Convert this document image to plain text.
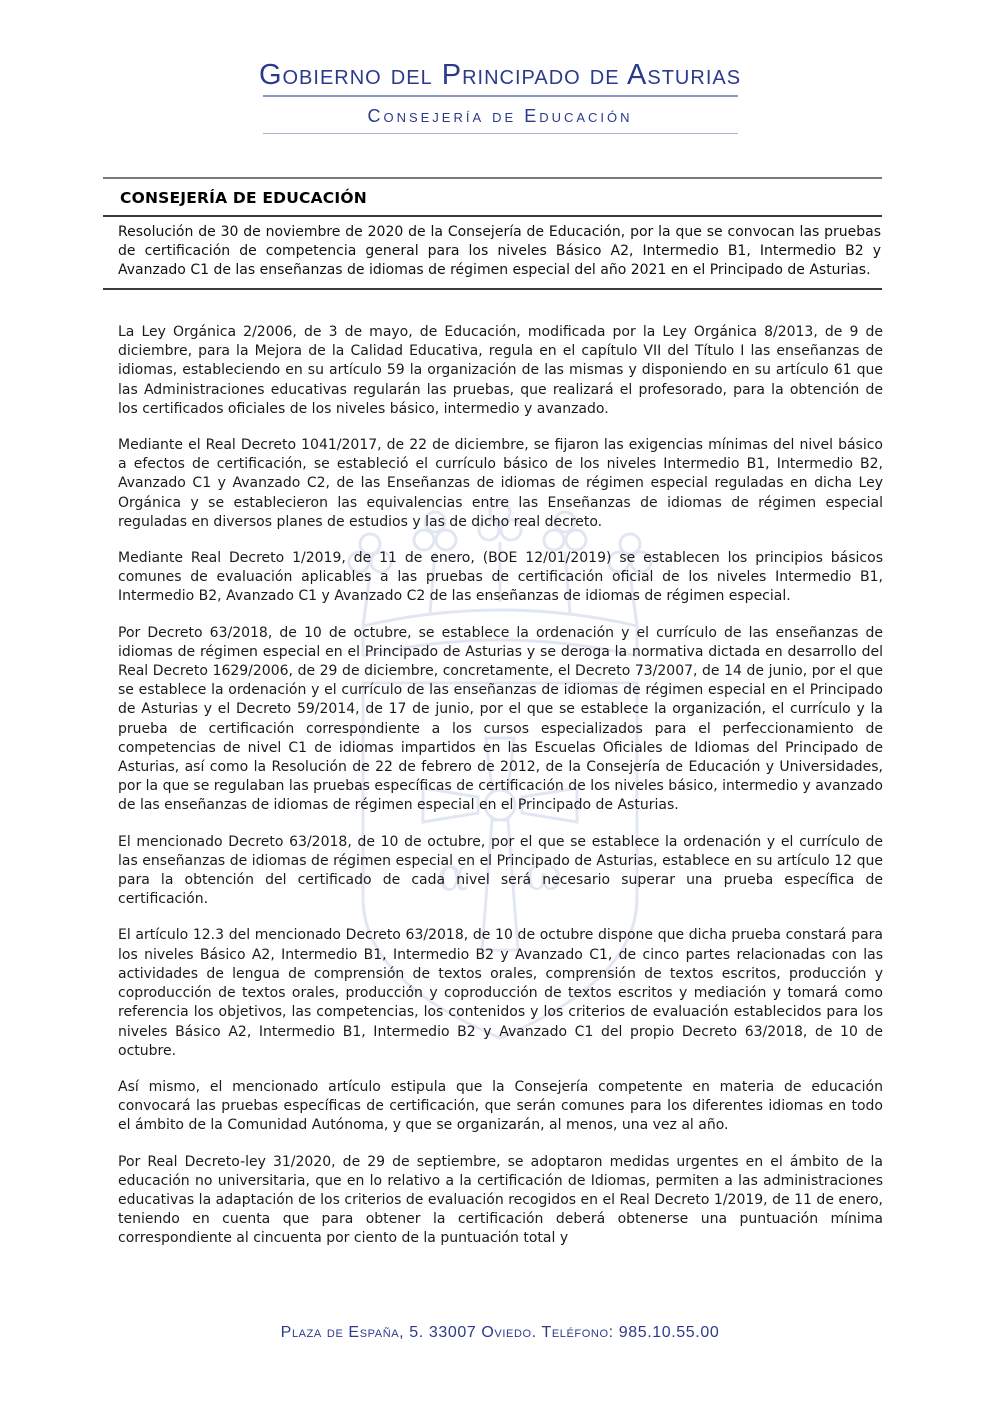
α ω
Gobierno del Principado de Asturias
Consejería de Educación
CONSEJERÍA DE EDUCACIÓN
Resolución de 30 de noviembre de 2020 de la Consejería de Educación, por la que se convocan las pruebas de certificación de competencia general para los niveles Básico A2, Intermedio B1, Intermedio B2 y Avanzado C1 de las enseñanzas de idiomas de régimen especial del año 2021 en el Principado de Asturias.

La Ley Orgánica 2/2006, de 3 de mayo, de Educación, modificada por la Ley Orgánica 8/2013, de 9 de diciembre, para la Mejora de la Calidad Educativa, regula en el capítulo VII del Título I las enseñanzas de idiomas, estableciendo en su artículo 59 la organización de las mismas y disponiendo en su artículo 61 que las Administraciones educativas regularán las pruebas, que realizará el profesorado, para la obtención de los certificados oficiales de los niveles básico, intermedio y avanzado.

Mediante el Real Decreto 1041/2017, de 22 de diciembre, se fijaron las exigencias mínimas del nivel básico a efectos de certificación, se estableció el currículo básico de los niveles Intermedio B1, Intermedio B2, Avanzado C1 y Avanzado C2, de las Enseñanzas de idiomas de régimen especial reguladas en dicha Ley Orgánica y se establecieron las equivalencias entre las Enseñanzas de idiomas de régimen especial reguladas en diversos planes de estudios y las de dicho real decreto.

Mediante Real Decreto 1/2019, de 11 de enero, (BOE 12/01/2019) se establecen los principios básicos comunes de evaluación aplicables a las pruebas de certificación oficial de los niveles Intermedio B1, Intermedio B2, Avanzado C1 y Avanzado C2 de las enseñanzas de idiomas de régimen especial.

Por Decreto 63/2018, de 10 de octubre, se establece la ordenación y el currículo de las enseñanzas de idiomas de régimen especial en el Principado de Asturias y se deroga la normativa dictada en desarrollo del Real Decreto 1629/2006, de 29 de diciembre, concretamente, el Decreto 73/2007, de 14 de junio, por el que se establece la ordenación y el currículo de las enseñanzas de idiomas de régimen especial en el Principado de Asturias y el Decreto 59/2014, de 17 de junio, por el que se establece la organización, el currículo y la prueba de certificación correspondiente a los cursos especializados para el perfeccionamiento de competencias de nivel C1 de idiomas impartidos en las Escuelas Oficiales de Idiomas del Principado de Asturias, así como la Resolución de 22 de febrero de 2012, de la Consejería de Educación y Universidades, por la que se regulaban las pruebas específicas de certificación de los niveles básico, intermedio y avanzado de las enseñanzas de idiomas de régimen especial en el Principado de Asturias.

El mencionado Decreto 63/2018, de 10 de octubre, por el que se establece la ordenación y el currículo de las enseñanzas de idiomas de régimen especial en el Principado de Asturias, establece en su artículo 12 que para la obtención del certificado de cada nivel será necesario superar una prueba específica de certificación.

El artículo 12.3 del mencionado Decreto 63/2018, de 10 de octubre dispone que dicha prueba constará para los niveles Básico A2, Intermedio B1, Intermedio B2 y Avanzado C1, de cinco partes relacionadas con las actividades de lengua de comprensión de textos orales, comprensión de textos escritos, producción y coproducción de textos orales, producción y coproducción de textos escritos y mediación y tomará como referencia los objetivos, las competencias, los contenidos y los criterios de evaluación establecidos para los niveles Básico A2, Intermedio B1, Intermedio B2 y Avanzado C1 del propio Decreto 63/2018, de 10 de octubre.

Así mismo, el mencionado artículo estipula que la Consejería competente en materia de educación convocará las pruebas específicas de certificación, que serán comunes para los diferentes idiomas en todo el ámbito de la Comunidad Autónoma, y que se organizarán, al menos, una vez al año.

Por Real Decreto-ley 31/2020, de 29 de septiembre, se adoptaron medidas urgentes en el ámbito de la educación no universitaria, que en lo relativo a la certificación de Idiomas, permiten a las administraciones educativas la adaptación de los criterios de evaluación recogidos en el Real Decreto 1/2019, de 11 de enero, teniendo en cuenta que para obtener la certificación deberá obtenerse una puntuación mínima correspondiente al cincuenta por ciento de la puntuación total y

Plaza de España, 5. 33007 Oviedo. Teléfono: 985.10.55.00
